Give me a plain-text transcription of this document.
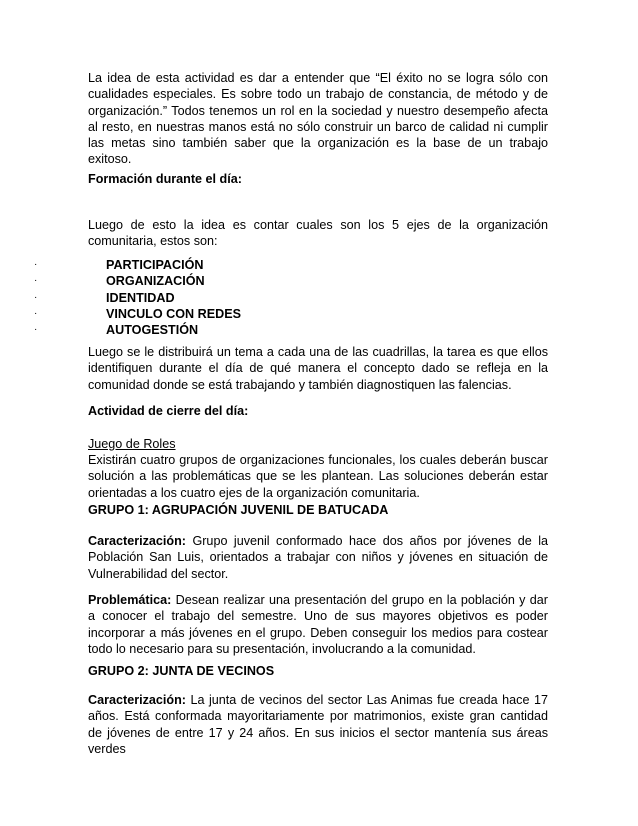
La idea de esta actividad es dar a entender que “El éxito no se logra sólo con cualidades especiales. Es sobre todo un trabajo de constancia, de método y de organización.” Todos tenemos un rol en la sociedad y nuestro desempeño afecta al resto, en nuestras manos está no sólo construir un barco de calidad ni cumplir las metas sino también saber que la organización es la base de un trabajo exitoso.

Formación durante el día:

Luego de esto la idea es contar cuales son los 5 ejes de la organización comunitaria, estos son:

·	PARTICIPACIÓN
·	ORGANIZACIÓN
·	IDENTIDAD
·	VINCULO CON REDES
·	AUTOGESTIÓN

Luego se le distribuirá un tema a cada una de las cuadrillas, la tarea es que ellos identifiquen durante el día de qué manera el concepto dado se refleja en la comunidad donde se está trabajando y también diagnostiquen las falencias.

Actividad de cierre del día:

Juego de Roles

Existirán cuatro grupos de organizaciones funcionales, los cuales deberán buscar solución a las problemáticas que se les plantean. Las soluciones deberán estar orientadas a los cuatro ejes de la organización comunitaria.

GRUPO 1: AGRUPACIÓN JUVENIL DE BATUCADA

Caracterización: Grupo juvenil conformado hace dos años por jóvenes de la Población San Luis, orientados a trabajar con niños y jóvenes en situación de Vulnerabilidad del sector.

Problemática: Desean realizar una presentación del grupo en la población y dar a conocer el trabajo del semestre. Uno de sus mayores objetivos es poder incorporar a más jóvenes en el grupo. Deben conseguir los medios para costear todo lo necesario para su presentación, involucrando a la comunidad.

GRUPO 2: JUNTA DE VECINOS

Caracterización: La junta de vecinos del sector Las Animas fue creada hace 17 años. Está conformada mayoritariamente por matrimonios, existe gran cantidad de jóvenes de entre 17 y 24 años. En sus inicios el sector mantenía sus áreas verdes
